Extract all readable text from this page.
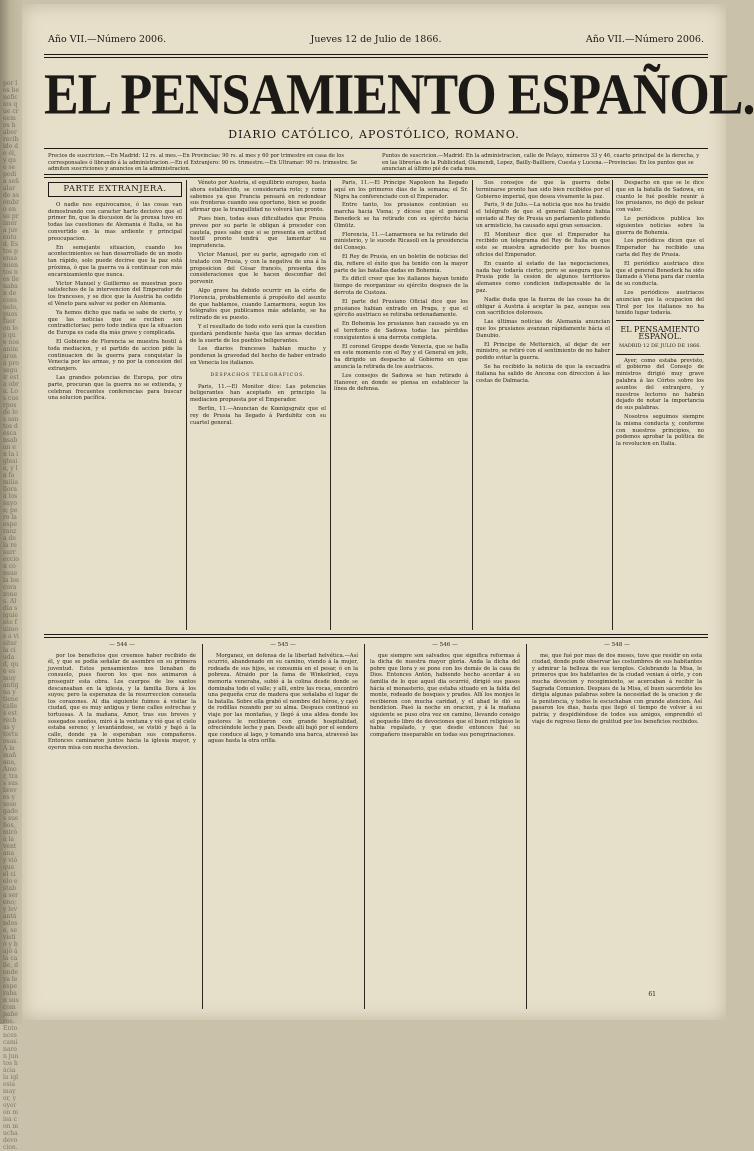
por los beneficios que creemos haber recibido de él, y que se podia señalar de asombro en su primera juventud. Estos pensamientos nos llenaban de consuelo, pues fueron los que nos animaron á proseguir esta obra. Los cuerpos de los santos descansaban en la iglesia, y la familia llora á los suyos; pero la esperanza de la resurreccion consuela los corazones. Al dia siguiente fuimos á visitar la ciudad, que es muy antigua y tiene calles estrechas y tortuosas. A la mañana, Amor, tras sus breves y sosegados sueños, miró á la ventana y vió que el cielo estaba sereno; y levantándose, se vistió y bajó á la calle, donde ya le esperaban sus compañeros. Entonces caminaron juntos hácia la iglesia mayor, y oyeron misa con mucha devocion.
Año VII.—Número 2006.	Jueves 12 de Julio de 1866.	Año VII.—Número 2006.
EL PENSAMIENTO ESPAÑOL.
DIARIO CATÓLICO, APOSTÓLICO, ROMANO.
Precios de suscricion.—En Madrid: 12 rs. al mes.—En Provincias: 90 rs. al mes y 60 por trimestre en casa de los corresponsales ó librando á la administracion.—En el Extranjero: 90 rs. trimestre.—En Ultramar: 90 rs. trimestre. Se admiten suscriciones y anuncios en la administracion.
Puntos de suscricion.—Madrid: En la administracion, calle de Pelayo, números 33 y 46, cuarto principal de la derecha, y en las librerías de la Publicidad, Olamendi, Lopez, Bailly-Bailliere, Cuesta y Lucena.—Provincias: En los puntos que se anuncian al último pié de cada mes.
PARTE EXTRANJERA.

O nadie nos equivocamos, ó las cosas van demostrando con caracter harto decisivo que el primer fin, que la discusion de la prensa tuvo en todas las cuestiones de Alemania é Italia, se ha convertido en la mas ardiente y principal preocupacion.

En semejante situacion, cuando los acontecimientos se han desarrollado de un modo tan rápido, solo puede decirse que la paz está próxima, ó que la guerra va á continuar con más encarnizamiento que nunca.

Victor Manuel y Guillermo se muestran poco satisfechos de la intervencion del Emperador de los franceses, y se dice que la Austria ha cedido el Véneto para salvar su poder en Alemania.

Ya hemos dicho que nada se sabe de cierto, y que las noticias que se reciben son contradictorias; pero todo indica que la situacion de Europa es cada dia más grave y complicada.

El Gobierno de Florencia se muestra hostil á toda mediacion, y el partido de accion pide la continuacion de la guerra para conquistar la Venecia por las armas, y no por la concesion del extranjero.

Las grandes potencias de Europa, por otra parte, procuran que la guerra no se extienda, y celebran frecuentes conferencias para buscar una solucion pacífica.

Véneto por Austria, el equilibrio europeo, hasta ahora establecido, se consideraria roto; y como sabemos ya que Francia pensará en redondear sus fronteras cuando sea oportuno, bien se puede afirmar que la tranquilidad no volverá tan pronto.

Pues bien, todas esas dificultades que Prusia prevee por su parte le obligan á proceder con cautela, pues sabe que si se presenta en actitud hostil pronto tendrá que lamentar su imprudencia.

Victor Manuel, por su parte, agregado con el tratado con Prusia, y con la negativa de una á la proposicion del César francés, presenta dos consideraciones que le hacen desconfiar del porvenir.

Algo grave ha debido ocurrir en la córte de Florencia, probablemente á propósito del asunto de que hablamos, cuando Lamarmora, segun los telégrafos que publicamos más adelante, se ha retirado de su puesto.

Y el resultado de todo esto será que la cuestion quedará pendiente hasta que las armas decidan de la suerte de los pueblos beligerantes.

Los diarios franceses hablan mucho y ponderan la gravedad del hecho de haber entrado en Venecia los italianos.

DESPACHOS TELEGRÁFICOS.

Paris, 11.—El Monitor dice: Las potencias beligerantes han aceptado en principio la mediacion propuesta por el Emperador.

Berlin, 11.—Anuncian de Kœnigsgratz que el rey de Prusia ha llegado á Pardubitz con su cuartel general.

Paris, 11.—El Príncipe Napoleon ha llegado aquí en los primeros dias de la semana; el Sr. Nigra ha conferenciado con el Emperador.

Entre tanto, los prusianos continúan su marcha hacia Viena; y dícese que el general Benedeck se ha retirado con su ejército hácia Olmütz.

Florencia, 11.—Lamarmora se ha retirado del ministerio, y le sucede Ricasoli en la presidencia del Consejo.

El Rey de Prusia, en un boletin de noticias del dia, refiere el éxito que ha tenido con la mayor parte de las batallas dadas en Bohemia.

Es dificil creer que los italianos hayan tenido tiempo de reorganizar su ejército despues de la derrota de Custoza.

El parte del Prusiano Oficial dice que los prusianos habian entrado en Praga, y que el ejército austriaco se retiraba ordenadamente.

En Bohemia los prusianos han causado ya en el territorio de Sadowa todas las pérdidas consiguientes á una derrota completa.

El coronel Groppe desde Venecia, que se halla en este momento con el Rey y el General en jefe, ha dirigido un despacho al Gobierno en que anuncia la retirada de los austriacos.

Los consejos de Sadowa se han retirado á Hanover, en donde se piensa en establecer la línea de defensa.

Sus consejos de que la guerra debe terminarse pronto han sido bien recibidos por el Gobierno imperial, que desea vivamente la paz.

Paris, 9 de Julio.—La noticia que nos ha traido el telégrafo de que el general Gablenz habia enviado al Rey de Prusia un parlamento pidiendo un armisticio, ha causado aquí gran sensacion.

El Moniteur dice que el Emperador ha recibido un telegrama del Rey de Italia en que este se muestra agradecido por los buenos oficios del Emperador.

En cuanto al estado de las negociaciones, nada hay todavía cierto; pero se asegura que la Prusia pide la cesion de algunos territorios alemanes como condicion indispensable de la paz.

Nadie duda que la fuerza de las cosas ha de obligar á Austria á aceptar la paz, aunque sea con sacrificios dolorosos.

Las últimas noticias de Alemania anuncian que los prusianos avanzan rápidamente hácia el Danubio.

El Principe de Metternich, al dejar de ser ministro, se retiró con el sentimiento de no haber podido evitar la guerra.

Se ha recibido la noticia de que la escuadra italiana ha salido de Ancona con direccion á las costas de Dalmacia.

Despacho en que se le dice que en la batalla de Sadowa, en cuanto le fué posible reunir á los prusianos, no dejó de pelear con valor.

Lo periódicos publica los siguientes noticias sobre la guerra de Bohemia.

Los periódicos dicen que el Emperador ha recibido una carta del Rey de Prusia.

El periódico austriaco dice que el general Benedeck ha sido llamado á Viena para dar cuenta de su conducta.

Los periódicos austriacos anuncian que la ocupacion del Tirol por los italianos no ha tenido lugar todavía.

EL PENSAMIENTO ESPAÑOL.
MADRID 12 DE JULIO DE 1866.

Ayer, como estaba previsto, el gobierno del Consejo de ministros dirigió muy grave palabra á las Córtes sobre los asuntos del extranjero, y nuestros lectores no habrán dejado de notar la importancia de sus palabras.

Nosotros seguimos siempre la misma conducta y, conforme con nuestros principios, no podemos aprobar la política de la revolucion en Italia.

— 544 —

por los beneficios que creemos haber recibido de él, y que se podia señalar de asombro en su primera juventud. Estos pensamientos nos llenaban de consuelo, pues fueron los que nos animaron á proseguir esta obra. Los cuerpos de los santos descansaban en la iglesia, y la familia llora á los suyos; pero la esperanza de la resurreccion consuela los corazones. Al dia siguiente fuimos á visitar la ciudad, que es muy antigua y tiene calles estrechas y tortuosas. A la mañana, Amor, tras sus breves y sosegados sueños, miró á la ventana y vió que el cielo estaba sereno; y levantándose, se vistió y bajó á la calle, donde ya le esperaban sus compañeros. Entonces caminaron juntos hácia la iglesia mayor, y oyeron misa con mucha devocion.

— 545 —

Morganez, en defensa de la libertad helvética.—Así ocurrió, abandonado en su camino, viendo á la mujer, rodeada de sus hijos, se consumia en el pesar, ó en la pobreza. Atraido por la fama de Winkelried, cuya memoria veneraba, subió á la colina desde donde se dominaba todo el valle; y allí, entre las rocas, encontró una pequeña cruz de madera que señalaba el lugar de la batalla. Sobre ella grabó el nombre del héroe, y cayó de rodillas rezando por su alma. Despues continuó su viaje por las montañas, y llegó á una aldea donde los pastores le recibieron con grande hospitalidad, ofreciéndole leche y pan. Desde allí bajó por el sendero que conduce al lago, y tomando una barca, atravesó las aguas hasta la otra orilla.

— 546 —

que siempre son salvados; que significa reformas á la dicha de nuestra mayor gloria. Anda la dicha del pobre que llora y se pone con los demás de la casa de Dios. Entonces Antón, habiendo hecho acordar á su familia de lo que aquel dia ocurrió, dirigió sus pasos hácia el monasterio, que estaba situado en la falda del monte, rodeado de bosques y prados. Allí los monjes le recibieron con mucha caridad, y el abad le dió su bendicion. Pasó la noche en oracion, y á la mañana siguiente se puso otra vez en camino, llevando consigo el pequeño libro de devociones que el buen religioso le habia regalado, y que desde entonces fué su compañero inseparable en todas sus peregrinaciones.

— 548 —

me, que fué por mas de dos meses, tuve que residir en esta ciudad, donde pude observar las costumbres de sus habitantes y admirar la belleza de sus templos. Celebrando la Misa, le primeros que los habitantes de la ciudad venian á oirle, y con mucha devocion y recogimiento, se acercaban á recibir la Sagrada Comunion. Despues de la Misa, el buen sacerdote les dirigia algunas palabras sobre la necesidad de la oracion y de la penitencia, y todos le escuchaban con grande atencion. Así pasaron los dias, hasta que llegó el tiempo de volver á su patria; y despidiéndose de todos sus amigos, emprendió el viaje de regreso lleno de gratitud por los beneficios recibidos.

61
